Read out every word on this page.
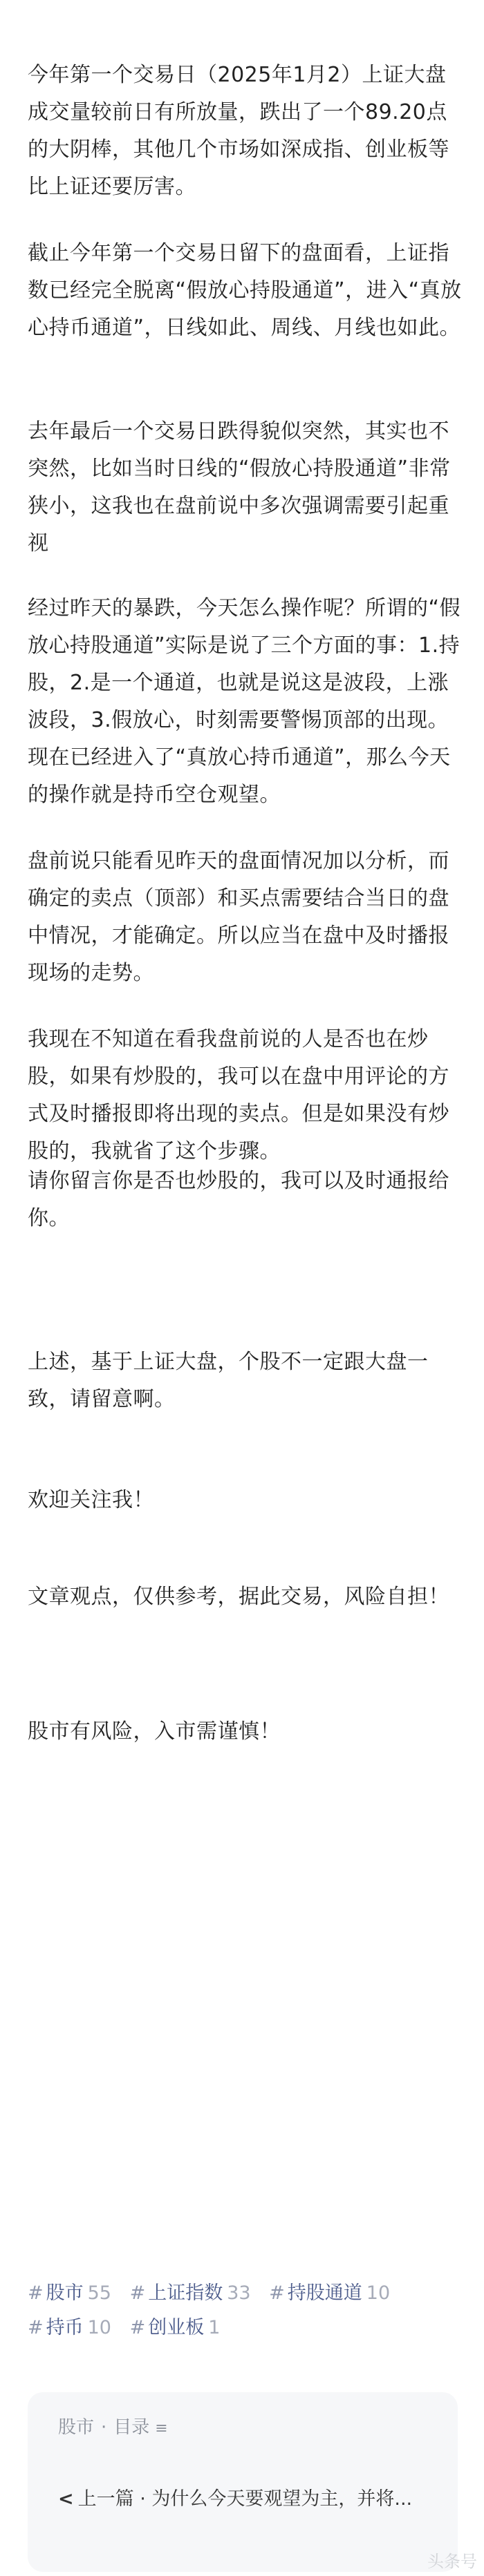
今年第一个交易日（2025年1月2）上证大盘成交量较前日有所放量，跌出了一个89.20点的大阴棒，其他几个市场如深成指、创业板等比上证还要厉害。

截止今年第一个交易日留下的盘面看，上证指数已经完全脱离“假放心持股通道”，进入“真放心持币通道”，日线如此、周线、月线也如此。

去年最后一个交易日跌得貌似突然，其实也不突然，比如当时日线的“假放心持股通道”非常狭小，这我也在盘前说中多次强调需要引起重视

经过昨天的暴跌，今天怎么操作呢？所谓的“假放心持股通道”实际是说了三个方面的事：1.持股，2.是一个通道，也就是说这是波段，上涨波段，3.假放心，时刻需要警惕顶部的出现。现在已经进入了“真放心持币通道”，那么今天的操作就是持币空仓观望。

盘前说只能看见昨天的盘面情况加以分析，而确定的卖点（顶部）和买点需要结合当日的盘中情况，才能确定。所以应当在盘中及时播报现场的走势。

我现在不知道在看我盘前说的人是否也在炒股，如果有炒股的，我可以在盘中用评论的方式及时播报即将出现的卖点。但是如果没有炒股的，我就省了这个步骤。

请你留言你是否也炒股的，我可以及时通报给你。

上述，基于上证大盘，个股不一定跟大盘一致，请留意啊。

欢迎关注我！

文章观点，仅供参考，据此交易，风险自担！

股市有风险，入市需谨慎！

# 股市 55 # 上证指数 33 # 持股通道 10 # 持币 10 # 创业板 1
股市 · 目录 ≡
< 上一篇 · 为什么今天要观望为主，并将...
头条号
